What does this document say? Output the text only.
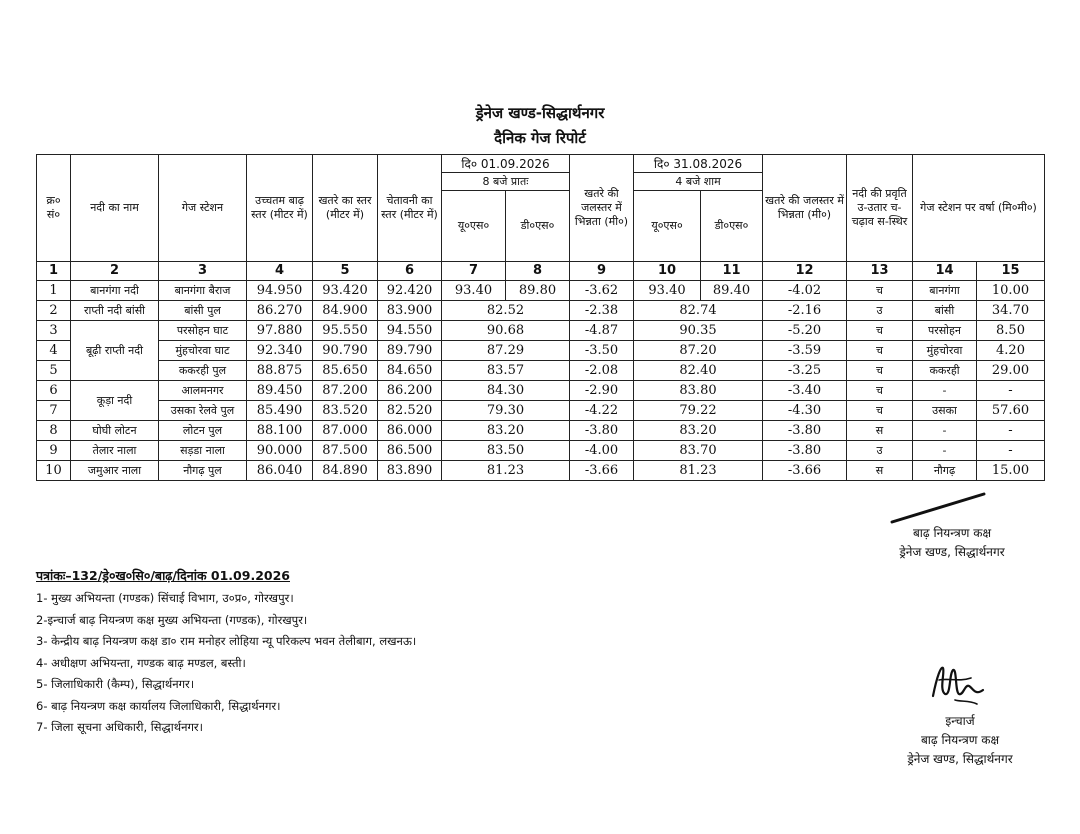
ड्रेनेज खण्ड-सिद्धार्थनगर
दैनिक गेज रिपोर्ट
क्र० सं०	नदी का नाम	गेज स्टेशन	उच्चतम बाढ़ स्तर (मीटर में)	खतरे का स्तर (मीटर में)	चेतावनी का स्तर (मीटर में)	दि० 01.09.2026		खतरे की जलस्तर में भिन्नता (मी०)	दि० 31.08.2026		खतरे की जलस्तर में भिन्नता (मी०)	नदी की प्रवृति उ-उतार च-चढ़ाव स-स्थिर	गेज स्टेशन पर वर्षा (मि०मी०)	
						8 बजे प्रातः			4 बजे शाम					
						यू०एस०	डी०एस०		यू०एस०	डी०एस०				
1	2	3	4	5	6	7	8	9	10	11	12	13	14	15
1	बानगंगा नदी	बानगंगा बैराज	94.950	93.420	92.420	93.40	89.80	-3.62	93.40	89.40	-4.02	च	बानगंगा	10.00
2	राप्ती नदी बांसी	बांसी पुल	86.270	84.900	83.900	82.52		-2.38	82.74		-2.16	उ	बांसी	34.70
3	बूढ़ी राप्ती नदी	परसोहन घाट	97.880	95.550	94.550	90.68		-4.87	90.35		-5.20	च	परसोहन	8.50
4		मुंहचोरवा घाट	92.340	90.790	89.790	87.29		-3.50	87.20		-3.59	च	मुंहचोरवा	4.20
5		ककरही पुल	88.875	85.650	84.650	83.57		-2.08	82.40		-3.25	च	ककरही	29.00
6	कूड़ा नदी	आलमनगर	89.450	87.200	86.200	84.30		-2.90	83.80		-3.40	च	-	-
7		उसका रेलवे पुल	85.490	83.520	82.520	79.30		-4.22	79.22		-4.30	च	उसका	57.60
8	घोघी लोटन	लोटन पुल	88.100	87.000	86.000	83.20		-3.80	83.20		-3.80	स	-	-
9	तेलार नाला	सड़डा नाला	90.000	87.500	86.500	83.50		-4.00	83.70		-3.80	उ	-	-
10	जमुआर नाला	नौगढ़ पुल	86.040	84.890	83.890	81.23		-3.66	81.23		-3.66	स	नौगढ़	15.00
बाढ़ नियन्त्रण कक्ष
ड्रेनेज खण्ड, सिद्धार्थनगर
पत्रांकः–132/ड्रे०ख०सि०/बाढ़/दिनांक 01.09.2026
1- मुख्य अभियन्ता (गण्डक) सिंचाई विभाग, उ०प्र०, गोरखपुर।
2-इन्चार्ज बाढ़ नियन्त्रण कक्ष मुख्य अभियन्ता (गण्डक), गोरखपुर।
3- केन्द्रीय बाढ़ नियन्त्रण कक्ष डा० राम मनोहर लोहिया न्यू परिकल्प भवन तेलीबाग, लखनऊ।
4- अधीक्षण अभियन्ता, गण्डक बाढ़ मण्डल, बस्ती।
5- जिलाधिकारी (कैम्प), सिद्धार्थनगर।
6- बाढ़ नियन्त्रण कक्ष कार्यालय जिलाधिकारी, सिद्धार्थनगर।
7- जिला सूचना अधिकारी, सिद्धार्थनगर।	इन्चार्ज
बाढ़ नियन्त्रण कक्ष
ड्रेनेज खण्ड, सिद्धार्थनगर
